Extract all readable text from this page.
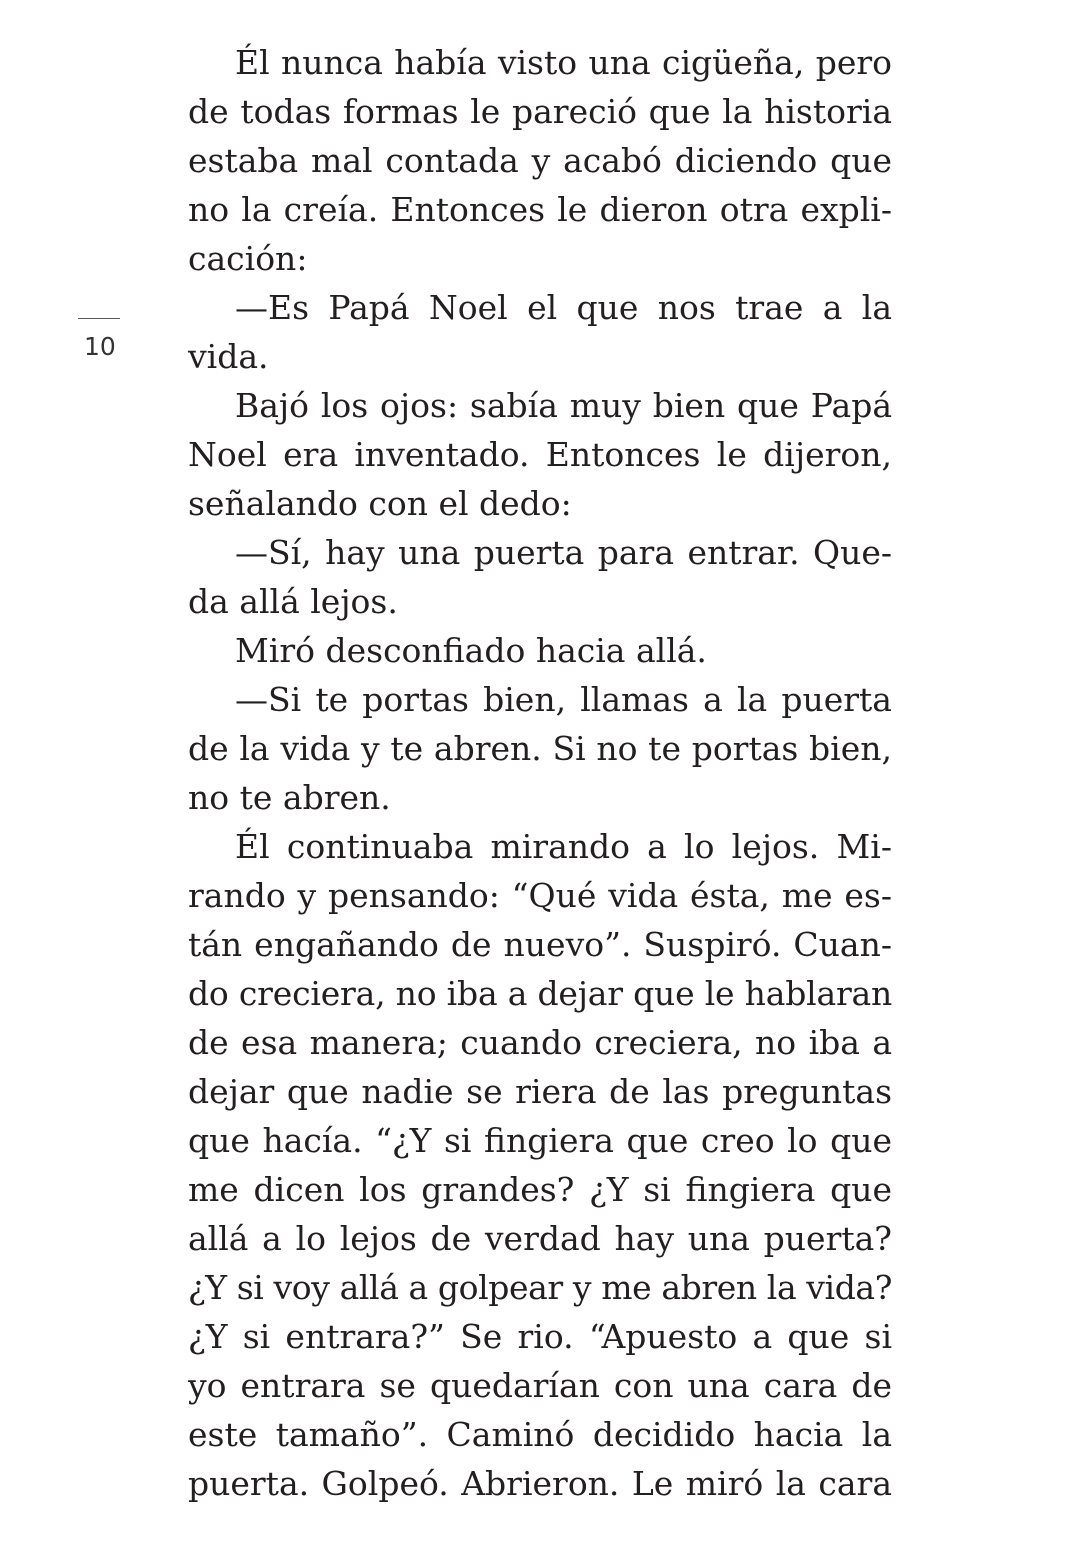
10
Él nunca había visto una cigüeña, pero
de todas formas le pareció que la historia
estaba mal contada y acabó diciendo que
no la creía. Entonces le dieron otra expli-
cación:
—Es Papá Noel el que nos trae a la
vida.
Bajó los ojos: sabía muy bien que Papá
Noel era inventado. Entonces le dijeron,
señalando con el dedo:
—Sí, hay una puerta para entrar. Que-
da allá lejos.
Miró desconfiado hacia allá.
—Si te portas bien, llamas a la puerta
de la vida y te abren. Si no te portas bien,
no te abren.
Él continuaba mirando a lo lejos. Mi-
rando y pensando: “Qué vida ésta, me es-
tán engañando de nuevo”. Suspiró. Cuan-
do creciera, no iba a dejar que le hablaran
de esa manera; cuando creciera, no iba a
dejar que nadie se riera de las preguntas
que hacía. “¿Y si fingiera que creo lo que
me dicen los grandes? ¿Y si fingiera que
allá a lo lejos de verdad hay una puerta?
¿Y si voy allá a golpear y me abren la vida?
¿Y si entrara?” Se rio. “Apuesto a que si
yo entrara se quedarían con una cara de
este tamaño”. Caminó decidido hacia la
puerta. Golpeó. Abrieron. Le miró la cara
